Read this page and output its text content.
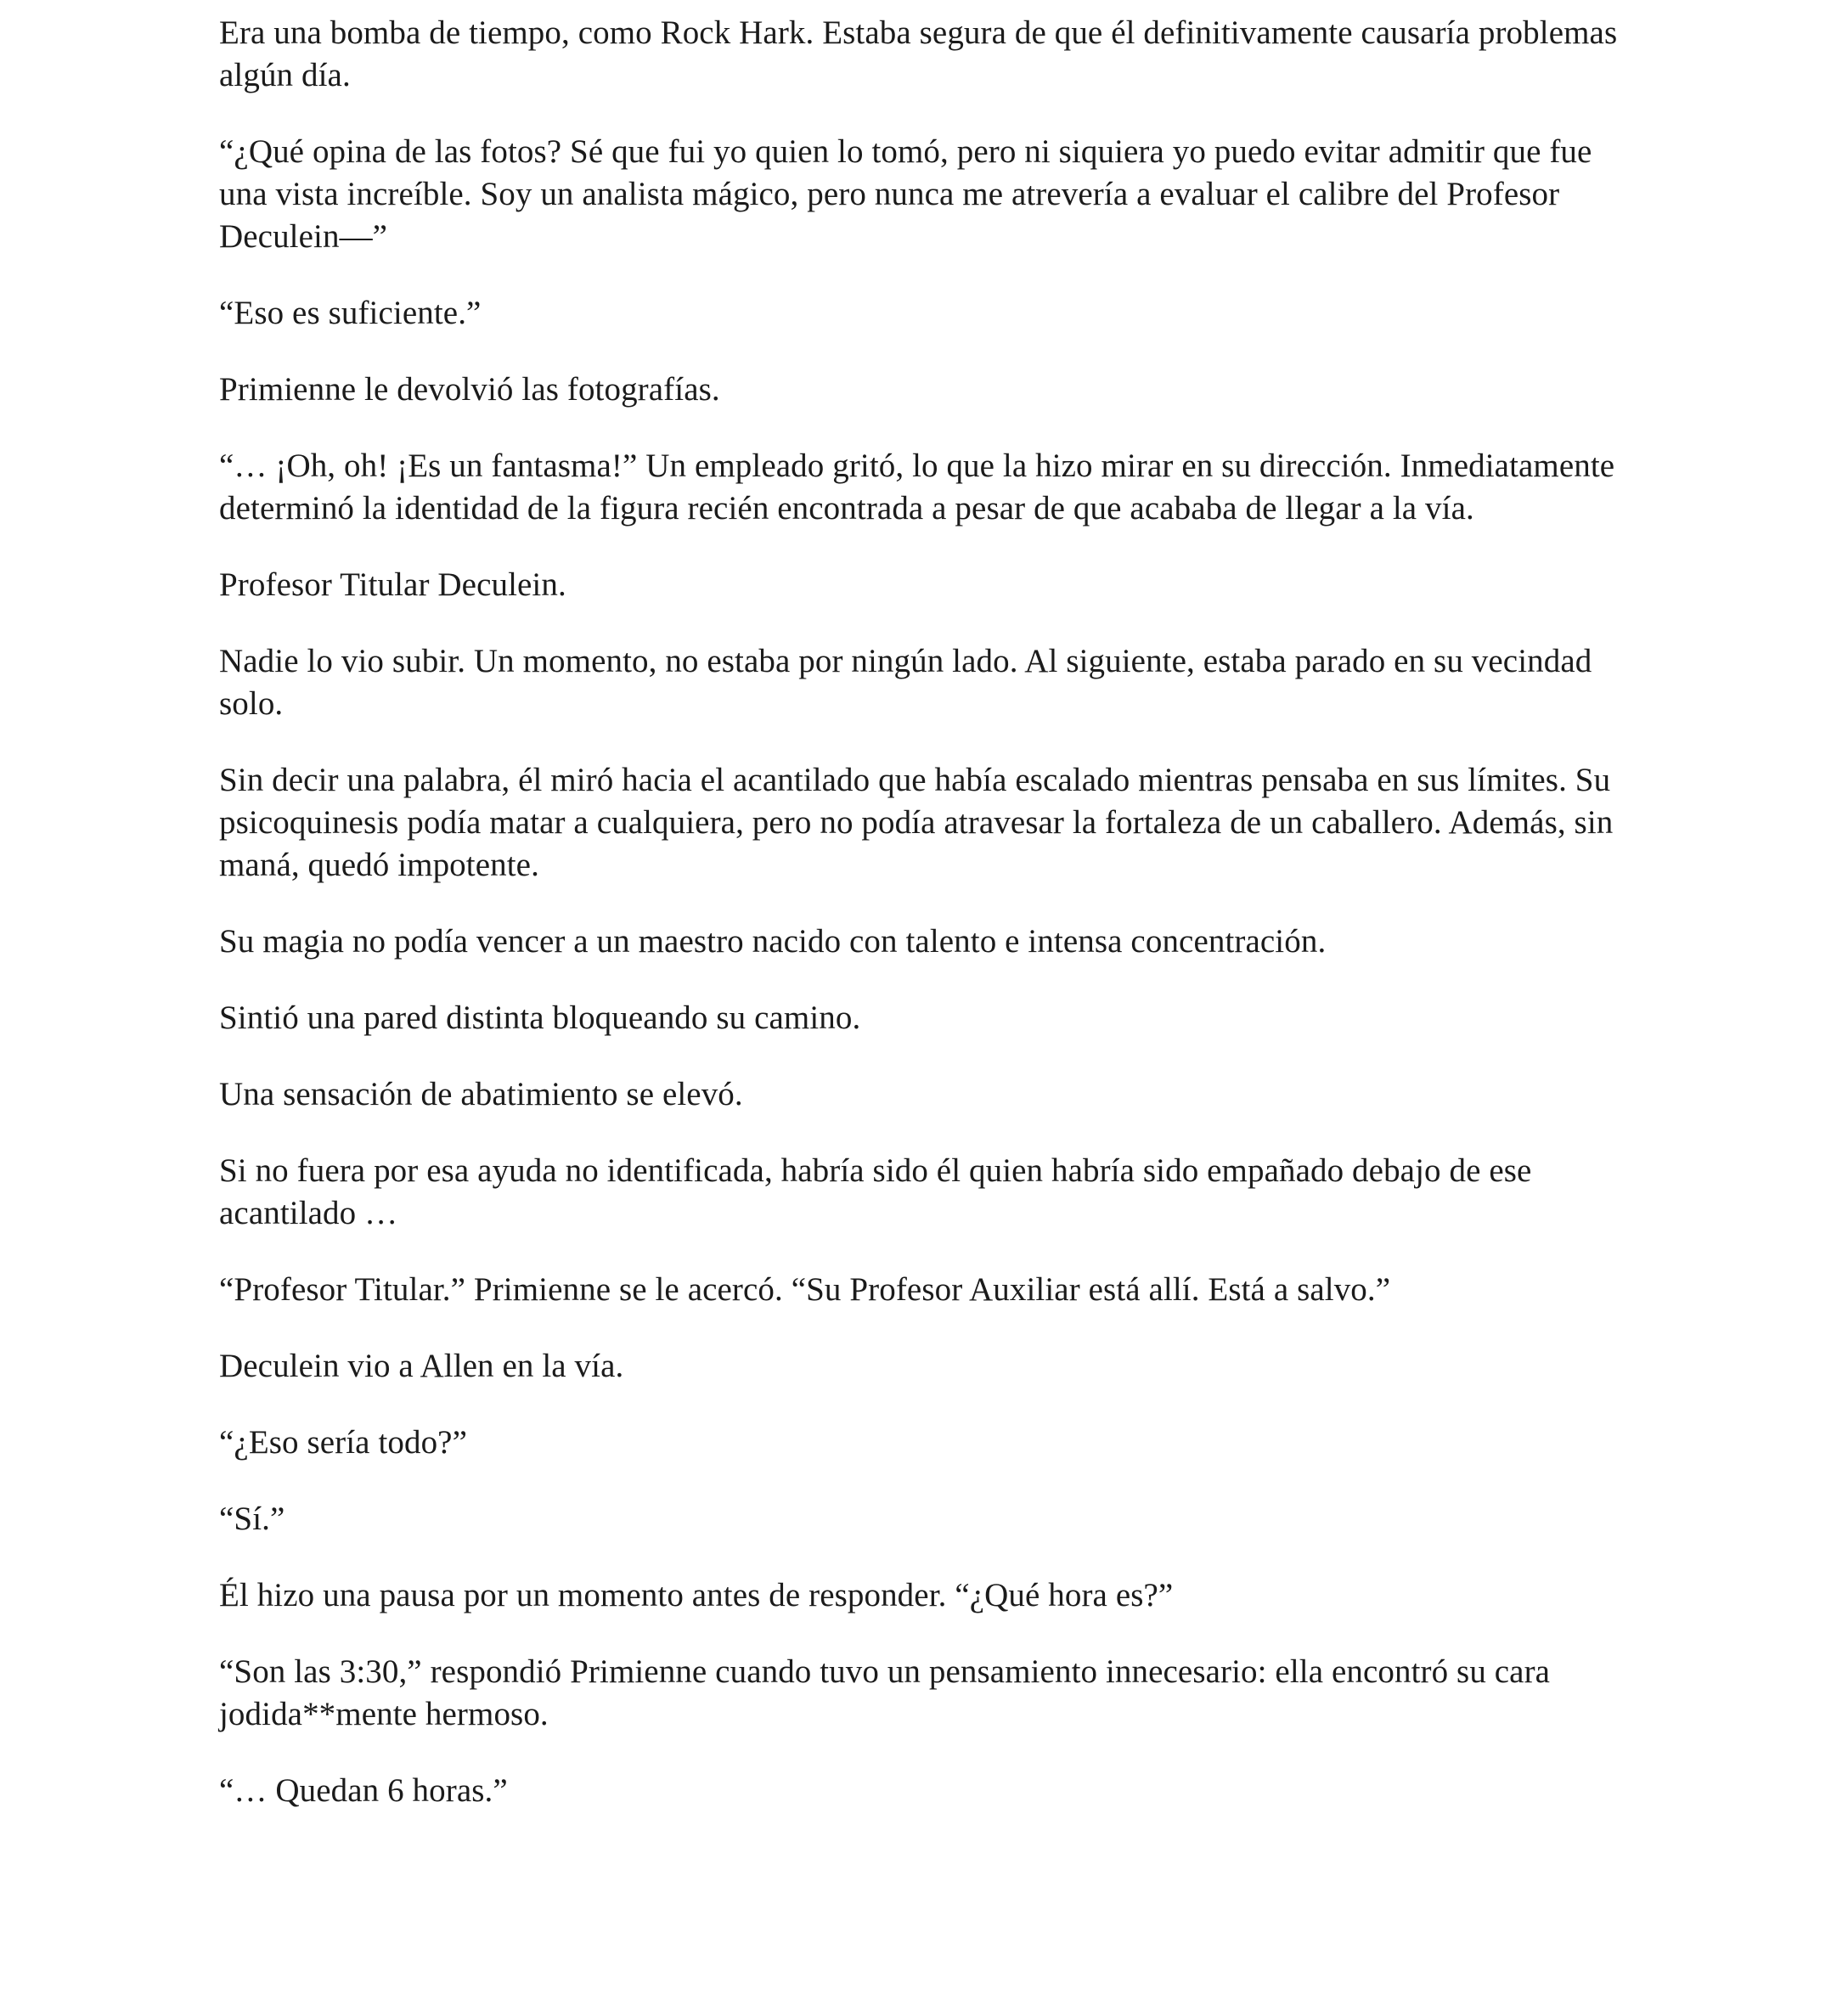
Era una bomba de tiempo, como Rock Hark. Estaba segura de que él definitivamente causaría problemas algún día.

“¿Qué opina de las fotos? Sé que fui yo quien lo tomó, pero ni siquiera yo puedo evitar admitir que fue una vista increíble. Soy un analista mágico, pero nunca me atrevería a evaluar el calibre del Profesor Deculein—”

“Eso es suficiente.”

Primienne le devolvió las fotografías.

“… ¡Oh, oh! ¡Es un fantasma!” Un empleado gritó, lo que la hizo mirar en su dirección. Inmediatamente determinó la identidad de la figura recién encontrada a pesar de que acababa de llegar a la vía.

Profesor Titular Deculein.

Nadie lo vio subir. Un momento, no estaba por ningún lado. Al siguiente, estaba parado en su vecindad solo.

Sin decir una palabra, él miró hacia el acantilado que había escalado mientras pensaba en sus límites. Su psicoquinesis podía matar a cualquiera, pero no podía atravesar la fortaleza de un caballero. Además, sin maná, quedó impotente.

Su magia no podía vencer a un maestro nacido con talento e intensa concentración.

Sintió una pared distinta bloqueando su camino.

Una sensación de abatimiento se elevó.

Si no fuera por esa ayuda no identificada, habría sido él quien habría sido empañado debajo de ese acantilado …

“Profesor Titular.” Primienne se le acercó. “Su Profesor Auxiliar está allí. Está a salvo.”

Deculein vio a Allen en la vía.

“¿Eso sería todo?”

“Sí.”

Él hizo una pausa por un momento antes de responder. “¿Qué hora es?”

“Son las 3:30,” respondió Primienne cuando tuvo un pensamiento innecesario: ella encontró su cara jodida**mente hermoso.

“… Quedan 6 horas.”
